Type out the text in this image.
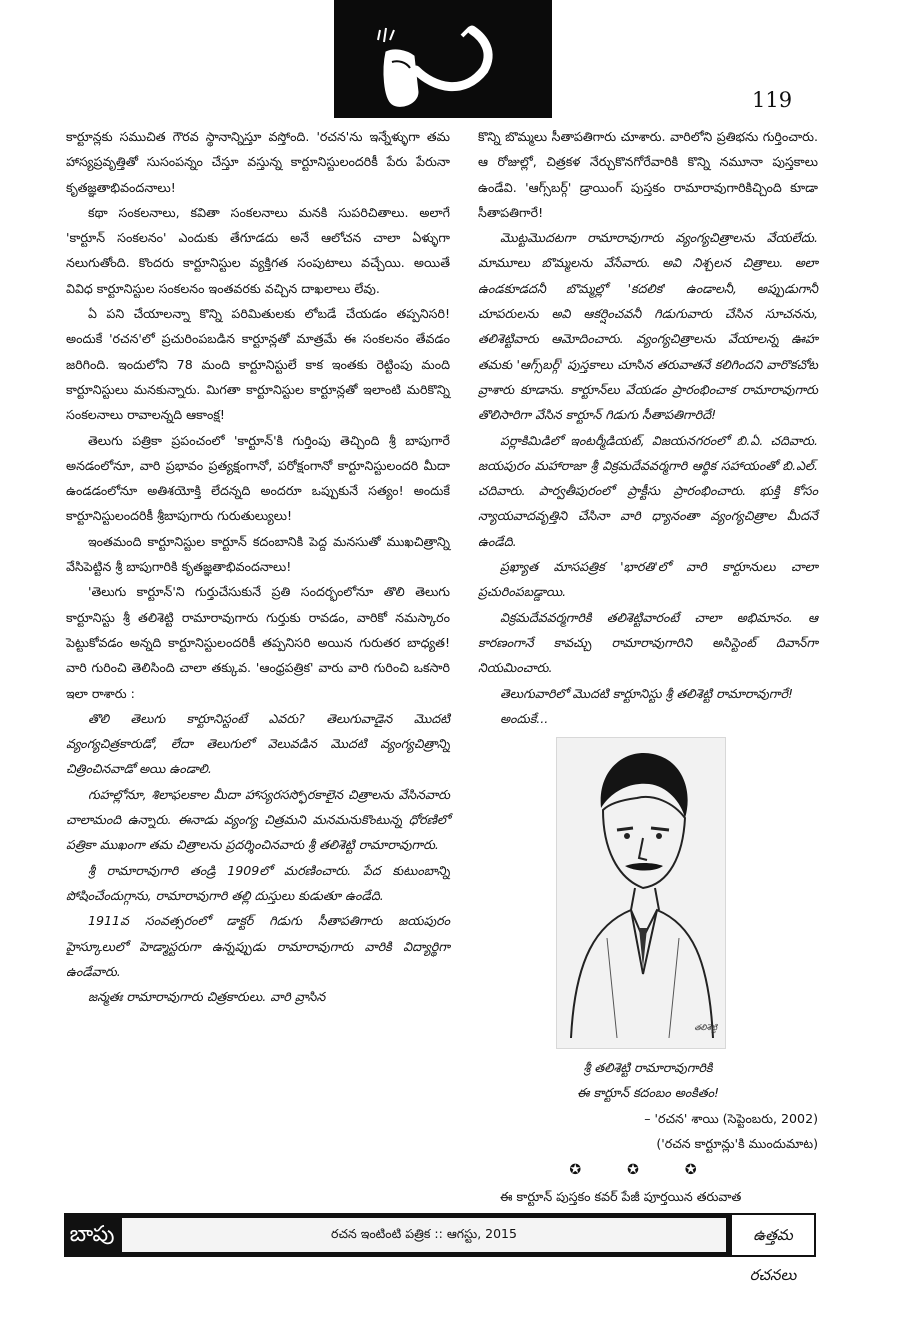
119

కార్టూన్లకు సముచిత గౌరవ స్థానాన్నిస్తూ వస్తోంది. 'రచన'ను ఇన్నేళ్ళుగా తమ హాస్యప్రవృత్తితో సుసంపన్నం చేస్తూ వస్తున్న కార్టూనిస్టులందరికీ పేరు పేరునా కృతజ్ఞతాభివందనాలు!

కథా సంకలనాలు, కవితా సంకలనాలు మనకి సుపరిచితాలు. అలాగే 'కార్టూన్ సంకలనం' ఎందుకు తేగూడదు అనే ఆలోచన చాలా ఏళ్ళుగా నలుగుతోంది. కొందరు కార్టూనిస్టుల వ్యక్తిగత సంపుటాలు వచ్చేయి. అయితే వివిధ కార్టూనిస్టుల సంకలనం ఇంతవరకు వచ్చిన దాఖలాలు లేవు.

ఏ పని చేయాలన్నా కొన్ని పరిమితులకు లోబడే చేయడం తప్పనిసరి! అందుకే 'రచన'లో ప్రచురింపబడిన కార్టూన్లతో మాత్రమే ఈ సంకలనం తేవడం జరిగింది. ఇందులోని 78 మంది కార్టూనిస్టులే కాక ఇంతకు రెట్టింపు మంది కార్టూనిస్టులు మనకున్నారు. మిగతా కార్టూనిస్టుల కార్టూన్లతో ఇలాంటి మరికొన్ని సంకలనాలు రావాలన్నది ఆకాంక్ష!

తెలుగు పత్రికా ప్రపంచంలో 'కార్టూన్'కి గుర్తింపు తెచ్చింది శ్రీ బాపుగారే అనడంలోనూ, వారి ప్రభావం ప్రత్యక్షంగానో, పరోక్షంగానో కార్టూనిస్టులందరి మీదా ఉండడంలోనూ అతిశయోక్తి లేదన్నది అందరూ ఒప్పుకునే సత్యం! అందుకే కార్టూనిస్టులందరికీ శ్రీబాపుగారు గురుతుల్యులు!

ఇంతమంది కార్టూనిస్టుల కార్టూన్ కదంబానికి పెద్ద మనసుతో ముఖచిత్రాన్ని వేసిపెట్టిన శ్రీ బాపుగారికి కృతజ్ఞతాభివందనాలు!

'తెలుగు కార్టూన్'ని గుర్తుచేసుకునే ప్రతి సందర్భంలోనూ తొలి తెలుగు కార్టూనిస్టు శ్రీ తలిశెట్టి రామారావుగారు గుర్తుకు రావడం, వారికో నమస్కారం పెట్టుకోవడం అన్నది కార్టూనిస్టులందరికీ తప్పనిసరి అయిన గురుతర బాధ్యత! వారి గురించి తెలిసింది చాలా తక్కువ. 'ఆంధ్రపత్రిక' వారు వారి గురించి ఒకసారి ఇలా రాశారు :

తొలి తెలుగు కార్టూనిస్టంటే ఎవరు? తెలుగువాడైన మొదటి వ్యంగ్యచిత్రకారుడో, లేదా తెలుగులో వెలువడిన మొదటి వ్యంగ్యచిత్రాన్ని చిత్రించినవాడో అయి ఉండాలి.

గుహల్లోనూ, శిలాఫలకాల మీదా హాస్యరసస్ఫోరకాలైన చిత్రాలను వేసినవారు చాలామంది ఉన్నారు. ఈనాడు వ్యంగ్య చిత్రమని మనమనుకొంటున్న ధోరణిలో పత్రికా ముఖంగా తమ చిత్రాలను ప్రదర్శించినవారు శ్రీ తలిశెట్టి రామారావుగారు.

శ్రీ రామారావుగారి తండ్రి 1909లో మరణించారు. పేద కుటుంబాన్ని పోషించేందుగ్గాను, రామారావుగారి తల్లి దుస్తులు కుడుతూ ఉండేది.

1911వ సంవత్సరంలో డాక్టర్ గిడుగు సీతాపతిగారు జయపురం హైస్కూలులో హెడ్మాస్టరుగా ఉన్నప్పుడు రామారావుగారు వారికి విద్యార్థిగా ఉండేవారు.

జన్మతః రామారావుగారు చిత్రకారులు. వారి వ్రాసిన

కొన్ని బొమ్మలు సీతాపతిగారు చూశారు. వారిలోని ప్రతిభను గుర్తించారు. ఆ రోజుల్లో, చిత్రకళ నేర్చుకొనగోరేవారికి కొన్ని నమూనా పుస్తకాలు ఉండేవి. 'ఆగ్స్‌బర్గ్' డ్రాయింగ్ పుస్తకం రామారావుగారికిచ్చింది కూడా సీతాపతిగారే!

మొట్టమొదటగా రామారావుగారు వ్యంగ్యచిత్రాలను వేయలేదు. మామూలు బొమ్మలను వేసేవారు. అవి నిశ్చలన చిత్రాలు. అలా ఉండకూడదనీ బొమ్మల్లో 'కదలిక' ఉండాలనీ, అప్పుడుగానీ చూపరులను అవి ఆకర్షించవనీ గిడుగువారు చేసిన సూచనను, తలిశెట్టివారు ఆమోదించారు. వ్యంగ్యచిత్రాలను వేయాలన్న ఊహ తమకు 'ఆగ్స్‌బర్గ్' పుస్తకాలు చూసిన తరువాతనే కలిగిందని వారొకచోట వ్రాశారు కూడాను. కార్టూన్‌లు వేయడం ప్రారంభించాక రామారావుగారు తొలిసారిగా వేసిన కార్టూన్ గిడుగు సీతాపతిగారిదే!

పర్లాకిమిడిలో ఇంటర్మీడియట్, విజయనగరంలో బి.ఏ. చదివారు. జయపురం మహారాజా శ్రీ విక్రమదేవవర్మగారి ఆర్థిక సహాయంతో బి.ఎల్. చదివారు. పార్వతీపురంలో ప్రాక్టీసు ప్రారంభించారు. భుక్తి కోసం న్యాయవాదవృత్తిని చేసినా వారి ధ్యానంతా వ్యంగ్యచిత్రాల మీదనే ఉండేది.

ప్రఖ్యాత మాసపత్రిక 'భారతి'లో వారి కార్టూనులు చాలా ప్రచురింపబడ్డాయి.

విక్రమదేవవర్మగారికి తలిశెట్టివారంటే చాలా అభిమానం. ఆ కారణంగానే కావచ్చు రామారావుగారిని అసిస్టెంట్ దివాన్‌గా నియమించారు.

తెలుగువారిలో మొదటి కార్టూనిస్టు శ్రీ తలిశెట్టి రామారావుగారే!

అందుకే...

తలిశెట్టి
శ్రీ తలిశెట్టి రామారావుగారికి
ఈ కార్టూన్ కదంబం అంకితం!
– 'రచన' శాయి (సెప్టెంబరు, 2002)
('రచన కార్టూన్లు'కి ముందుమాట)
✪	✪	✪

ఈ కార్టూన్ పుస్తకం కవర్ పేజీ పూర్తయిన తరువాత

బాపు	రచన ఇంటింటి పత్రిక :: ఆగస్టు, 2015	ఉత్తమ రచనలు
